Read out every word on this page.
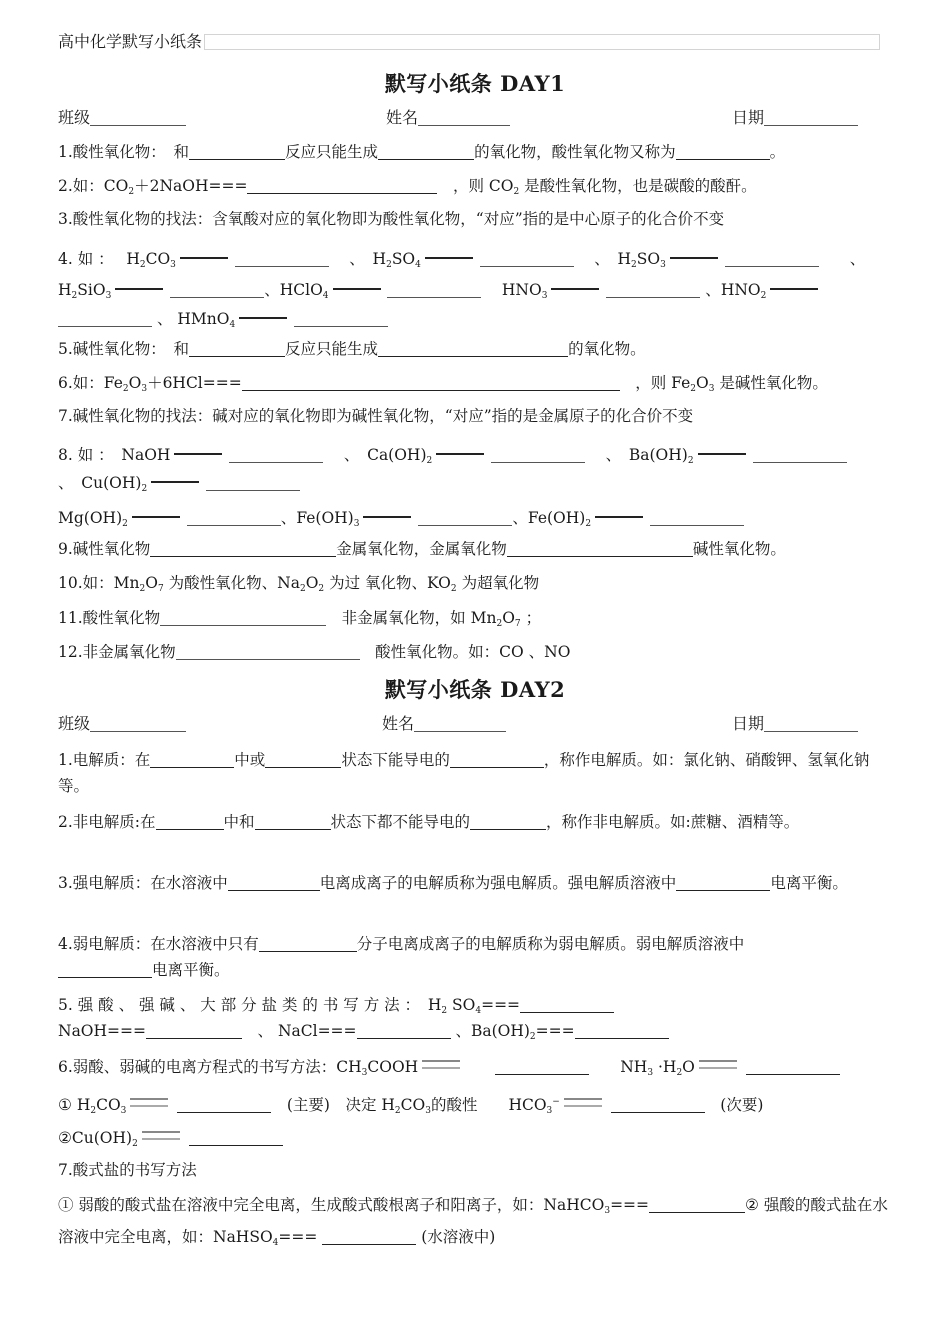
高中化学默写小纸条
默写小纸条 DAY1
班级	姓名	日期
1.酸性氧化物：　和	反应只能生成	的氧化物，酸性氧化物又称为	。
2.如：$CO_2+2NaOH===$　	，则 $CO_2$ 是酸性氧化物，也是碳酸的酸酐。
3.酸性氧化物的找法：含氧酸对应的氧化物即为酸性氧化物，“对应”指的是中心原子的化合价不变
4. 如 ：　 $H_2CO_3$ 　	、　$H_2SO_4$ 　	、　$H_2SO_3$ 　　	、
$H_2SiO_3$	、HClO$_4$	　 $HNO_3$	、$HNO_2$
、 HMnO$_4$
5.碱性氧化物：　和	反应只能生成	的氧化物。
6.如：$Fe_2O_3+6HCl===$　	，则 $Fe_2O_3$ 是碱性氧化物。
7.碱性氧化物的找法：碱对应的氧化物即为碱性氧化物，“对应”指的是金属原子的化合价不变
8. 如 ：　NaOH 　	、　$Ca(OH)_2$ 　	、　$Ba(OH)_2$
、　$Cu(OH)_2$
$Mg(OH)_2$	、$Fe(OH)_3$	、$Fe(OH)_2$
9.碱性氧化物	金属氧化物，金属氧化物	碱性氧化物。
10.如：$Mn_2O_7$ 为酸性氧化物、$Na_2O_2$ 为过 氧化物、$KO_2$ 为超氧化物
11.酸性氧化物　	非金属氧化物，如 $Mn_2O_7$ ；
12.非金属氧化物　	酸性氧化物。如：CO 、NO
默写小纸条 DAY2
班级	姓名	日期
1.电解质：在	中或	状态下能导电的	，称作电解质。如：氯化钠、硝酸钾、氢氧化钠等。
2.非电解质:在	中和	状态下都不能导电的	，称作非电解质。如:蔗糖、酒精等。
3.强电解质：在水溶液中	电离成离子的电解质称为强电解质。强电解质溶液中	电离平衡。
4.弱电解质：在水溶液中只有	分子电离成离子的电解质称为弱电解质。弱电解质溶液中
电离平衡。
5. 强 酸 、 强 碱 、 大 部 分 盐 类 的 书 写 方 法 ：　$H_2$ $SO_4===$
NaOH===　	、 NaCl===	、$Ba(OH)_2===$
6.弱酸、弱碱的电离方程式的书写方法：$CH_3COOH$　　　　	$NH_3 \cdot H_2O$
① $H_2CO_3$ 　	(主要)　决定 $H_2CO_3$的酸性　　$HCO_3^-$ 　	(次要)
$②Cu(OH)_2$
7.酸式盐的书写方法
① 弱酸的酸式盐在溶液中完全电离，生成酸式酸根离子和阳离子，如：NaHCO$_3$===	② 强酸的酸式盐在水溶液中完全电离，如：NaHSO$_4$===	(水溶液中)
